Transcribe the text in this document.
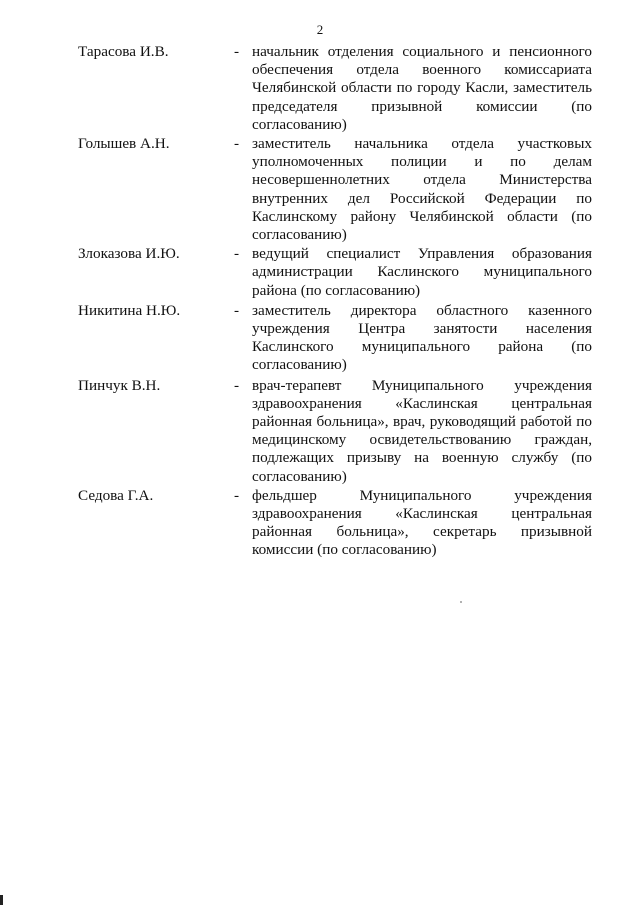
2
Тарасова И.В.	- начальник отделения социального и пенсионного обеспечения отдела военного комиссариата Челябинской области по городу Касли, заместитель председателя призывной комиссии (по согласованию)
Голышев А.Н.	- заместитель начальника отдела участковых уполномоченных полиции и по делам несовершеннолетних отдела Министерства внутренних дел Российской Федерации по Каслинскому району Челябинской области (по согласованию)
Злоказова И.Ю.	- ведущий специалист Управления образования администрации Каслинского муниципального района (по согласованию)
Никитина Н.Ю.	- заместитель директора областного казенного учреждения Центра занятости населения Каслинского муниципального района (по согласованию)
Пинчук В.Н.	- врач-терапевт Муниципального учреждения здравоохранения «Каслинская центральная районная больница», врач, руководящий работой по медицинскому освидетельствованию граждан, подлежащих призыву на военную службу (по согласованию)
Седова Г.А.	- фельдшер Муниципального учреждения здравоохранения «Каслинская центральная районная больница», секретарь призывной комиссии (по согласованию)
